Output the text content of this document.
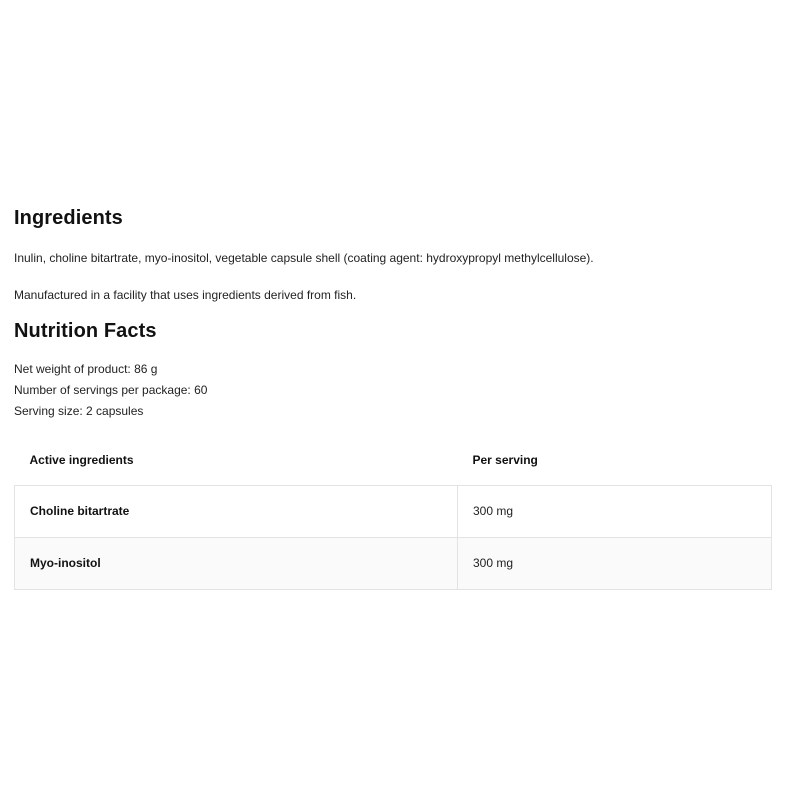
Ingredients

Inulin, choline bitartrate, myo-inositol, vegetable capsule shell (coating agent: hydroxypropyl methylcellulose).

Manufactured in a facility that uses ingredients derived from fish.

Nutrition Facts

Net weight of product: 86 g

Number of servings per package: 60

Serving size: 2 capsules

Active ingredients	Per serving
Choline bitartrate	300 mg
Myo-inositol	300 mg
